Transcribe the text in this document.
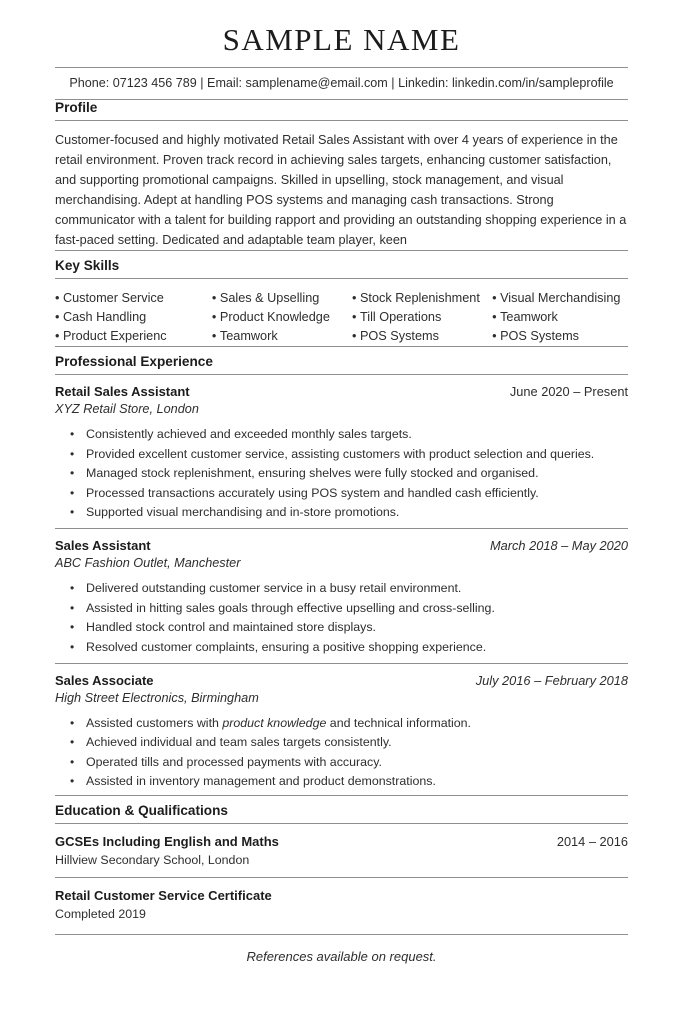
SAMPLE NAME
Phone: 07123 456 789 | Email: samplename@email.com | Linkedin: linkedin.com/in/sampleprofile
Profile

Customer-focused and highly motivated Retail Sales Assistant with over 4 years of experience in the retail environment. Proven track record in achieving sales targets, enhancing customer satisfaction, and supporting promotional campaigns. Skilled in upselling, stock management, and visual merchandising. Adept at handling POS systems and managing cash transactions. Strong communicator with a talent for building rapport and providing an outstanding shopping experience in a fast-paced setting. Dedicated and adaptable team player, keen

Key Skills
• Customer Service
• Cash Handling
• Product Experienc
• Sales & Upselling
• Product Knowledge
• Teamwork
• Stock Replenishment
• Till Operations
• POS Systems
• Visual Merchandising
• Teamwork
• POS Systems
Professional Experience
Retail Sales Assistant
XYZ Retail Store, London
June 2020 – Present
• Consistently achieved and exceeded monthly sales targets.
• Provided excellent customer service, assisting customers with product selection and queries.
• Managed stock replenishment, ensuring shelves were fully stocked and organised.
• Processed transactions accurately using POS system and handled cash efficiently.
• Supported visual merchandising and in-store promotions.
Sales Assistant
ABC Fashion Outlet, Manchester
March 2018 – May 2020
• Delivered outstanding customer service in a busy retail environment.
• Assisted in hitting sales goals through effective upselling and cross-selling.
• Handled stock control and maintained store displays.
• Resolved customer complaints, ensuring a positive shopping experience.
Sales Associate
High Street Electronics, Birmingham
July 2016 – February 2018
• Assisted customers with product knowledge and technical information.
• Achieved individual and team sales targets consistently.
• Operated tills and processed payments with accuracy.
• Assisted in inventory management and product demonstrations.
Education & Qualifications
GCSEs Including English and Maths
Hillview Secondary School, London
2014 – 2016
Retail Customer Service Certificate
Completed 2019
References available on request.
